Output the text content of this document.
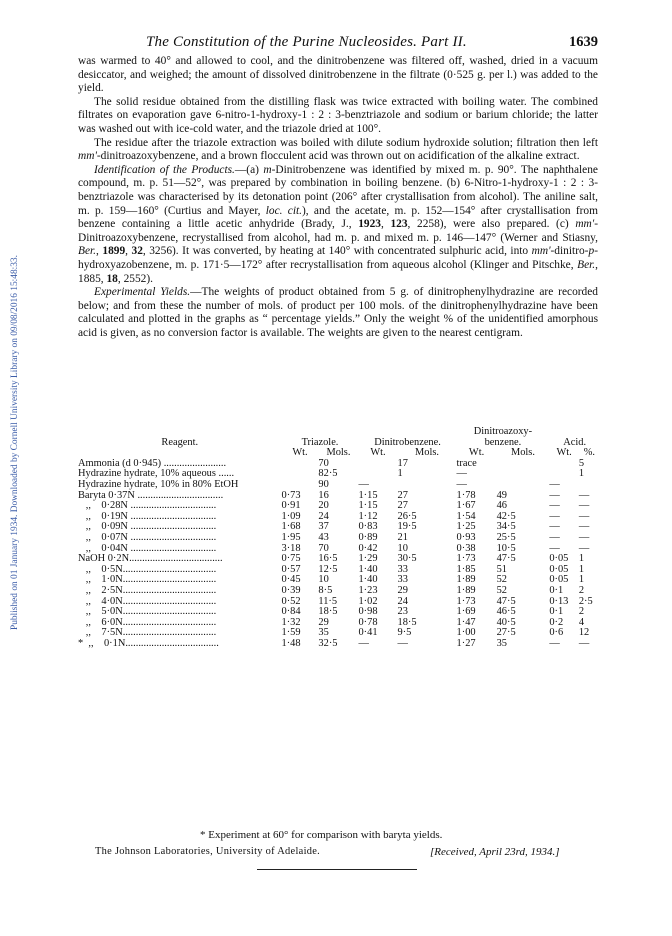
Published on 01 January 1934. Downloaded by Cornell University Library on 09/08/2016 15:48:33.
The Constitution of the Purine Nucleosides. Part II.	1639

was warmed to 40° and allowed to cool, and the dinitrobenzene was filtered off, washed, dried in a vacuum desiccator, and weighed; the amount of dissolved dinitrobenzene in the filtrate (0·525 g. per l.) was added to the yield.

The solid residue obtained from the distilling flask was twice extracted with boiling water. The combined filtrates on evaporation gave 6-nitro-1-hydroxy-1 : 2 : 3-benztriazole and sodium or barium chloride; the latter was washed out with ice-cold water, and the triazole dried at 100°.

The residue after the triazole extraction was boiled with dilute sodium hydroxide solution; filtration then left mm'-dinitroazoxybenzene, and a brown flocculent acid was thrown out on acidification of the alkaline extract.

Identification of the Products.—(a) m-Dinitrobenzene was identified by mixed m. p. 90°. The naphthalene compound, m. p. 51—52°, was prepared by combination in boiling benzene. (b) 6-Nitro-1-hydroxy-1 : 2 : 3-benztriazole was characterised by its detonation point (206° after crystallisation from alcohol). The aniline salt, m. p. 159—160° (Curtius and Mayer, loc. cit.), and the acetate, m. p. 152—154° after crystallisation from benzene containing a little acetic anhydride (Brady, J., 1923, 123, 2258), were also prepared. (c) mm'-Dinitroazoxybenzene, recrystallised from alcohol, had m. p. and mixed m. p. 146—147° (Werner and Stiasny, Ber., 1899, 32, 3256). It was converted, by heating at 140° with concentrated sulphuric acid, into mm'-dinitro-p-hydroxyazobenzene, m. p. 171·5—172° after recrystallisation from aqueous alcohol (Klinger and Pitschke, Ber., 1885, 18, 2552).

Experimental Yields.—The weights of product obtained from 5 g. of dinitrophenylhydrazine are recorded below; and from these the number of mols. of product per 100 mols. of the dinitrophenylhydrazine have been calculated and plotted in the graphs as “ percentage yields.” Only the weight % of the unidentified amorphous acid is given, as no conversion factor is available. The weights are given to the nearest centigram.

					Dinitroazoxy-			
Reagent.	Triazole.		Dinitrobenzene.		benzene.		Acid.	
	Wt.	Mols.	Wt.	Mols.	Wt.	Mols.	Wt.	%.
Ammonia (d 0·945) ........................		70		17	trace			5
Hydrazine hydrate, 10% aqueous ......		82·5		1	—			1
Hydrazine hydrate, 10% in 80% EtOH		90	—		—		—	
Baryta 0·37N .................................	0·73	16	1·15	27	1·78	49	—	—
,,    0·28N .................................	0·91	20	1·15	27	1·67	46	—	—
,,    0·19N .................................	1·09	24	1·12	26·5	1·54	42·5	—	—
,,    0·09N .................................	1·68	37	0·83	19·5	1·25	34·5	—	—
,,    0·07N .................................	1·95	43	0·89	21	0·93	25·5	—	—
,,    0·04N .................................	3·18	70	0·42	10	0·38	10·5	—	—
NaOH 0·2N....................................	0·75	16·5	1·29	30·5	1·73	47·5	0·05	1
,,    0·5N....................................	0·57	12·5	1·40	33	1·85	51	0·05	1
,,    1·0N....................................	0·45	10	1·40	33	1·89	52	0·05	1
,,    2·5N....................................	0·39	8·5	1·23	29	1·89	52	0·1	2
,,    4·0N....................................	0·52	11·5	1·02	24	1·73	47·5	0·13	2·5
,,    5·0N....................................	0·84	18·5	0·98	23	1·69	46·5	0·1	2
,,    6·0N....................................	1·32	29	0·78	18·5	1·47	40·5	0·2	4
,,    7·5N....................................	1·59	35	0·41	9·5	1·00	27·5	0·6	12
*  ,,    0·1N....................................	1·48	32·5	—	—	1·27	35	—	—
* Experiment at 60° for comparison with baryta yields.
The Johnson Laboratories, University of Adelaide.	[Received, April 23rd, 1934.]
